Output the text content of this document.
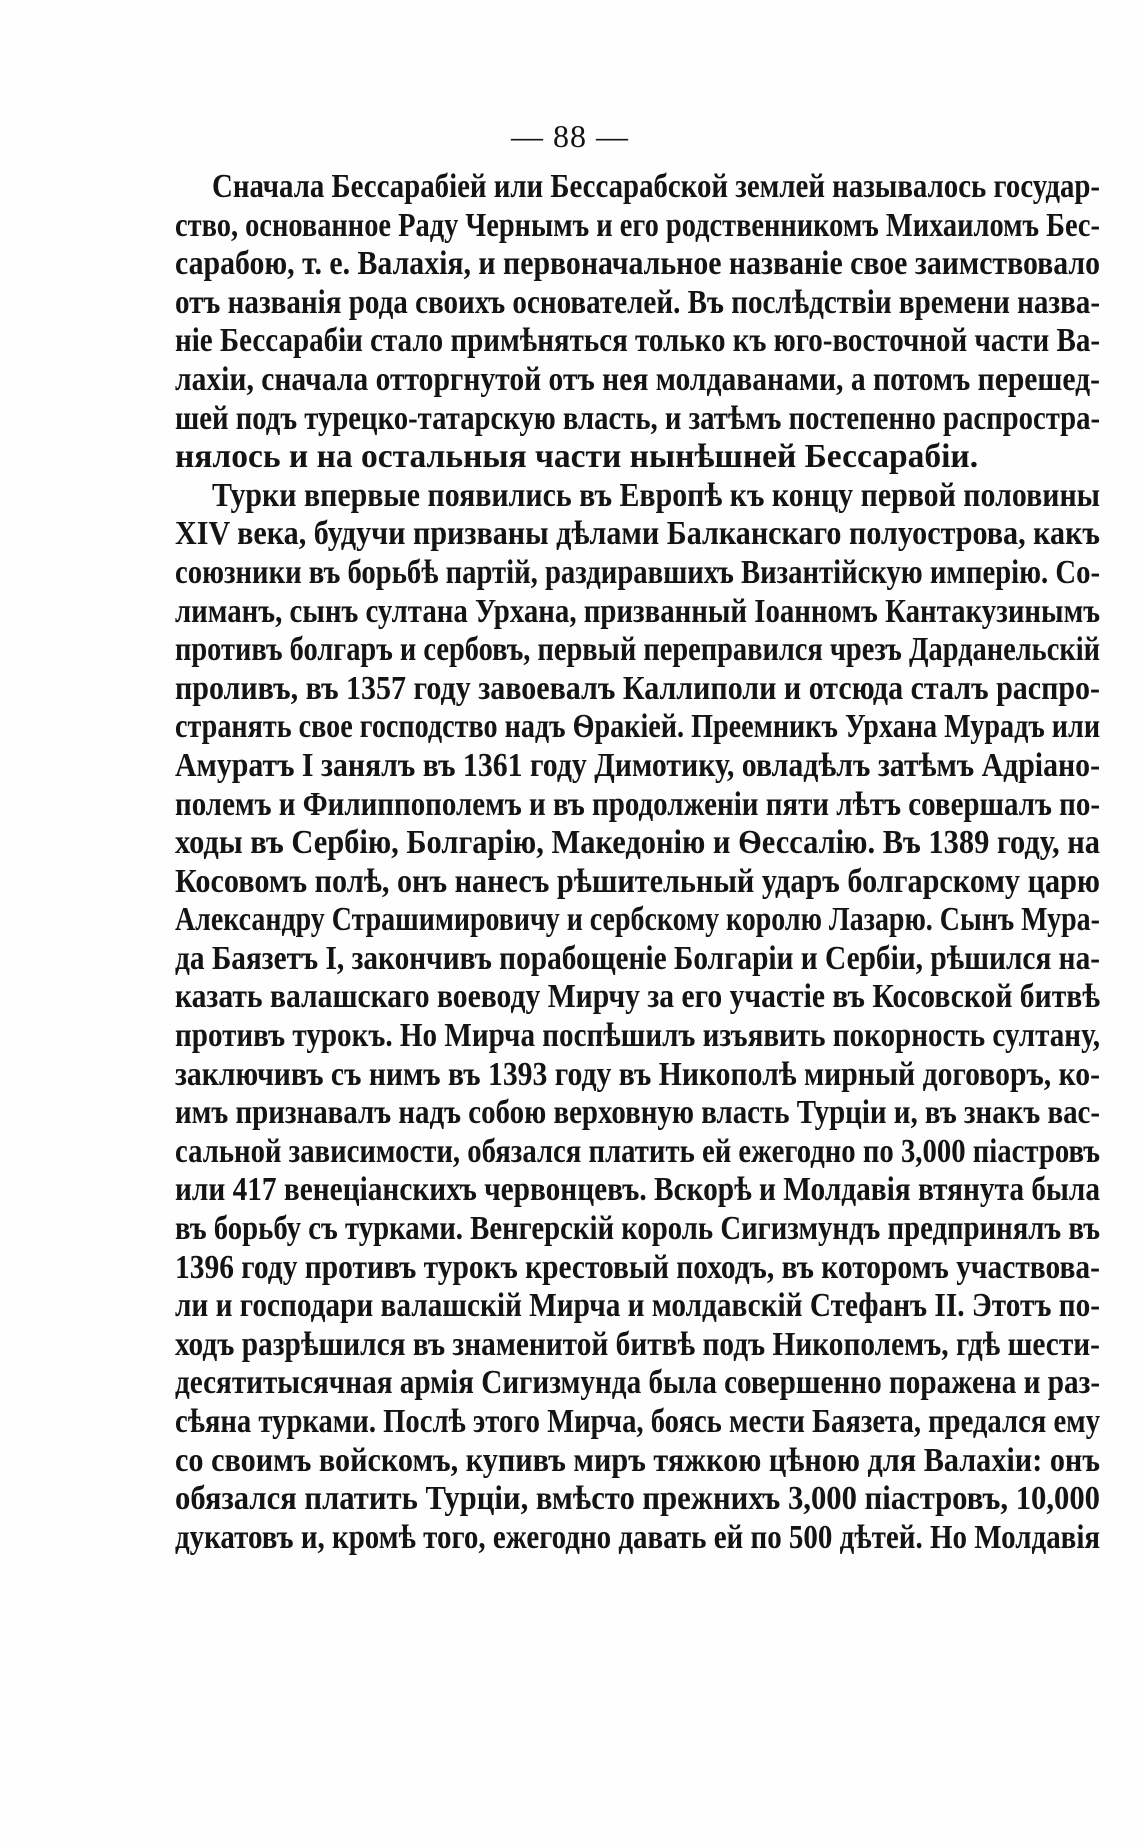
— 88 —
Сначала Бессарабіей или Бессарабской землей называлось государ-
ство, основанное Раду Чернымъ и его родственникомъ Михаиломъ Бес-
сарабою, т. е. Валахія, и первоначальное названіе свое заимствовало
отъ названія рода своихъ основателей. Въ послѣдствіи времени назва-
ніе Бессарабіи стало примѣняться только къ юго-восточной части Ва-
лахіи, сначала отторгнутой отъ нея молдаванами, а потомъ перешед-
шей подъ турецко-татарскую власть, и затѣмъ постепенно распростра-
нялось и на остальныя части нынѣшней Бессарабіи.
Турки впервые появились въ Европѣ къ концу первой половины
XIV века, будучи призваны дѣлами Балканскаго полуострова, какъ
союзники въ борьбѣ партій, раздиравшихъ Византійскую имперію. Со-
лиманъ, сынъ султана Урхана, призванный Іоанномъ Кантакузинымъ
противъ болгаръ и сербовъ, первый переправился чрезъ Дарданельскій
проливъ, въ 1357 году завоевалъ Каллиполи и отсюда сталъ распро-
странять свое господство надъ Ѳракіей. Преемникъ Урхана Мурадъ или
Амуратъ I занялъ въ 1361 году Димотику, овладѣлъ затѣмъ Адріано-
полемъ и Филиппополемъ и въ продолженіи пяти лѣтъ совершалъ по-
ходы въ Сербію, Болгарію, Македонію и Ѳессалію. Въ 1389 году, на
Косовомъ полѣ, онъ нанесъ рѣшительный ударъ болгарскому царю
Александру Страшимировичу и сербскому королю Лазарю. Сынъ Мура-
да Баязетъ I, закончивъ порабощеніе Болгаріи и Сербіи, рѣшился на-
казать валашскаго воеводу Мирчу за его участіе въ Косовской битвѣ
противъ турокъ. Но Мирча поспѣшилъ изъявить покорность султану,
заключивъ съ нимъ въ 1393 году въ Никополѣ мирный договоръ, ко-
имъ признавалъ надъ собою верховную власть Турціи и, въ знакъ вас-
сальной зависимости, обязался платить ей ежегодно по 3,000 піастровъ
или 417 венеціанскихъ червонцевъ. Вскорѣ и Молдавія втянута была
въ борьбу съ турками. Венгерскій король Сигизмундъ предпринялъ въ
1396 году противъ турокъ крестовый походъ, въ которомъ участвова-
ли и господари валашскій Мирча и молдавскій Стефанъ II. Этотъ по-
ходъ разрѣшился въ знаменитой битвѣ подъ Никополемъ, гдѣ шести-
десятитысячная армія Сигизмунда была совершенно поражена и раз-
сѣяна турками. Послѣ этого Мирча, боясь мести Баязета, предался ему
со своимъ войскомъ, купивъ миръ тяжкою цѣною для Валахіи: онъ
обязался платить Турціи, вмѣсто прежнихъ 3,000 піастровъ, 10,000
дукатовъ и, кромѣ того, ежегодно давать ей по 500 дѣтей. Но Молдавія
